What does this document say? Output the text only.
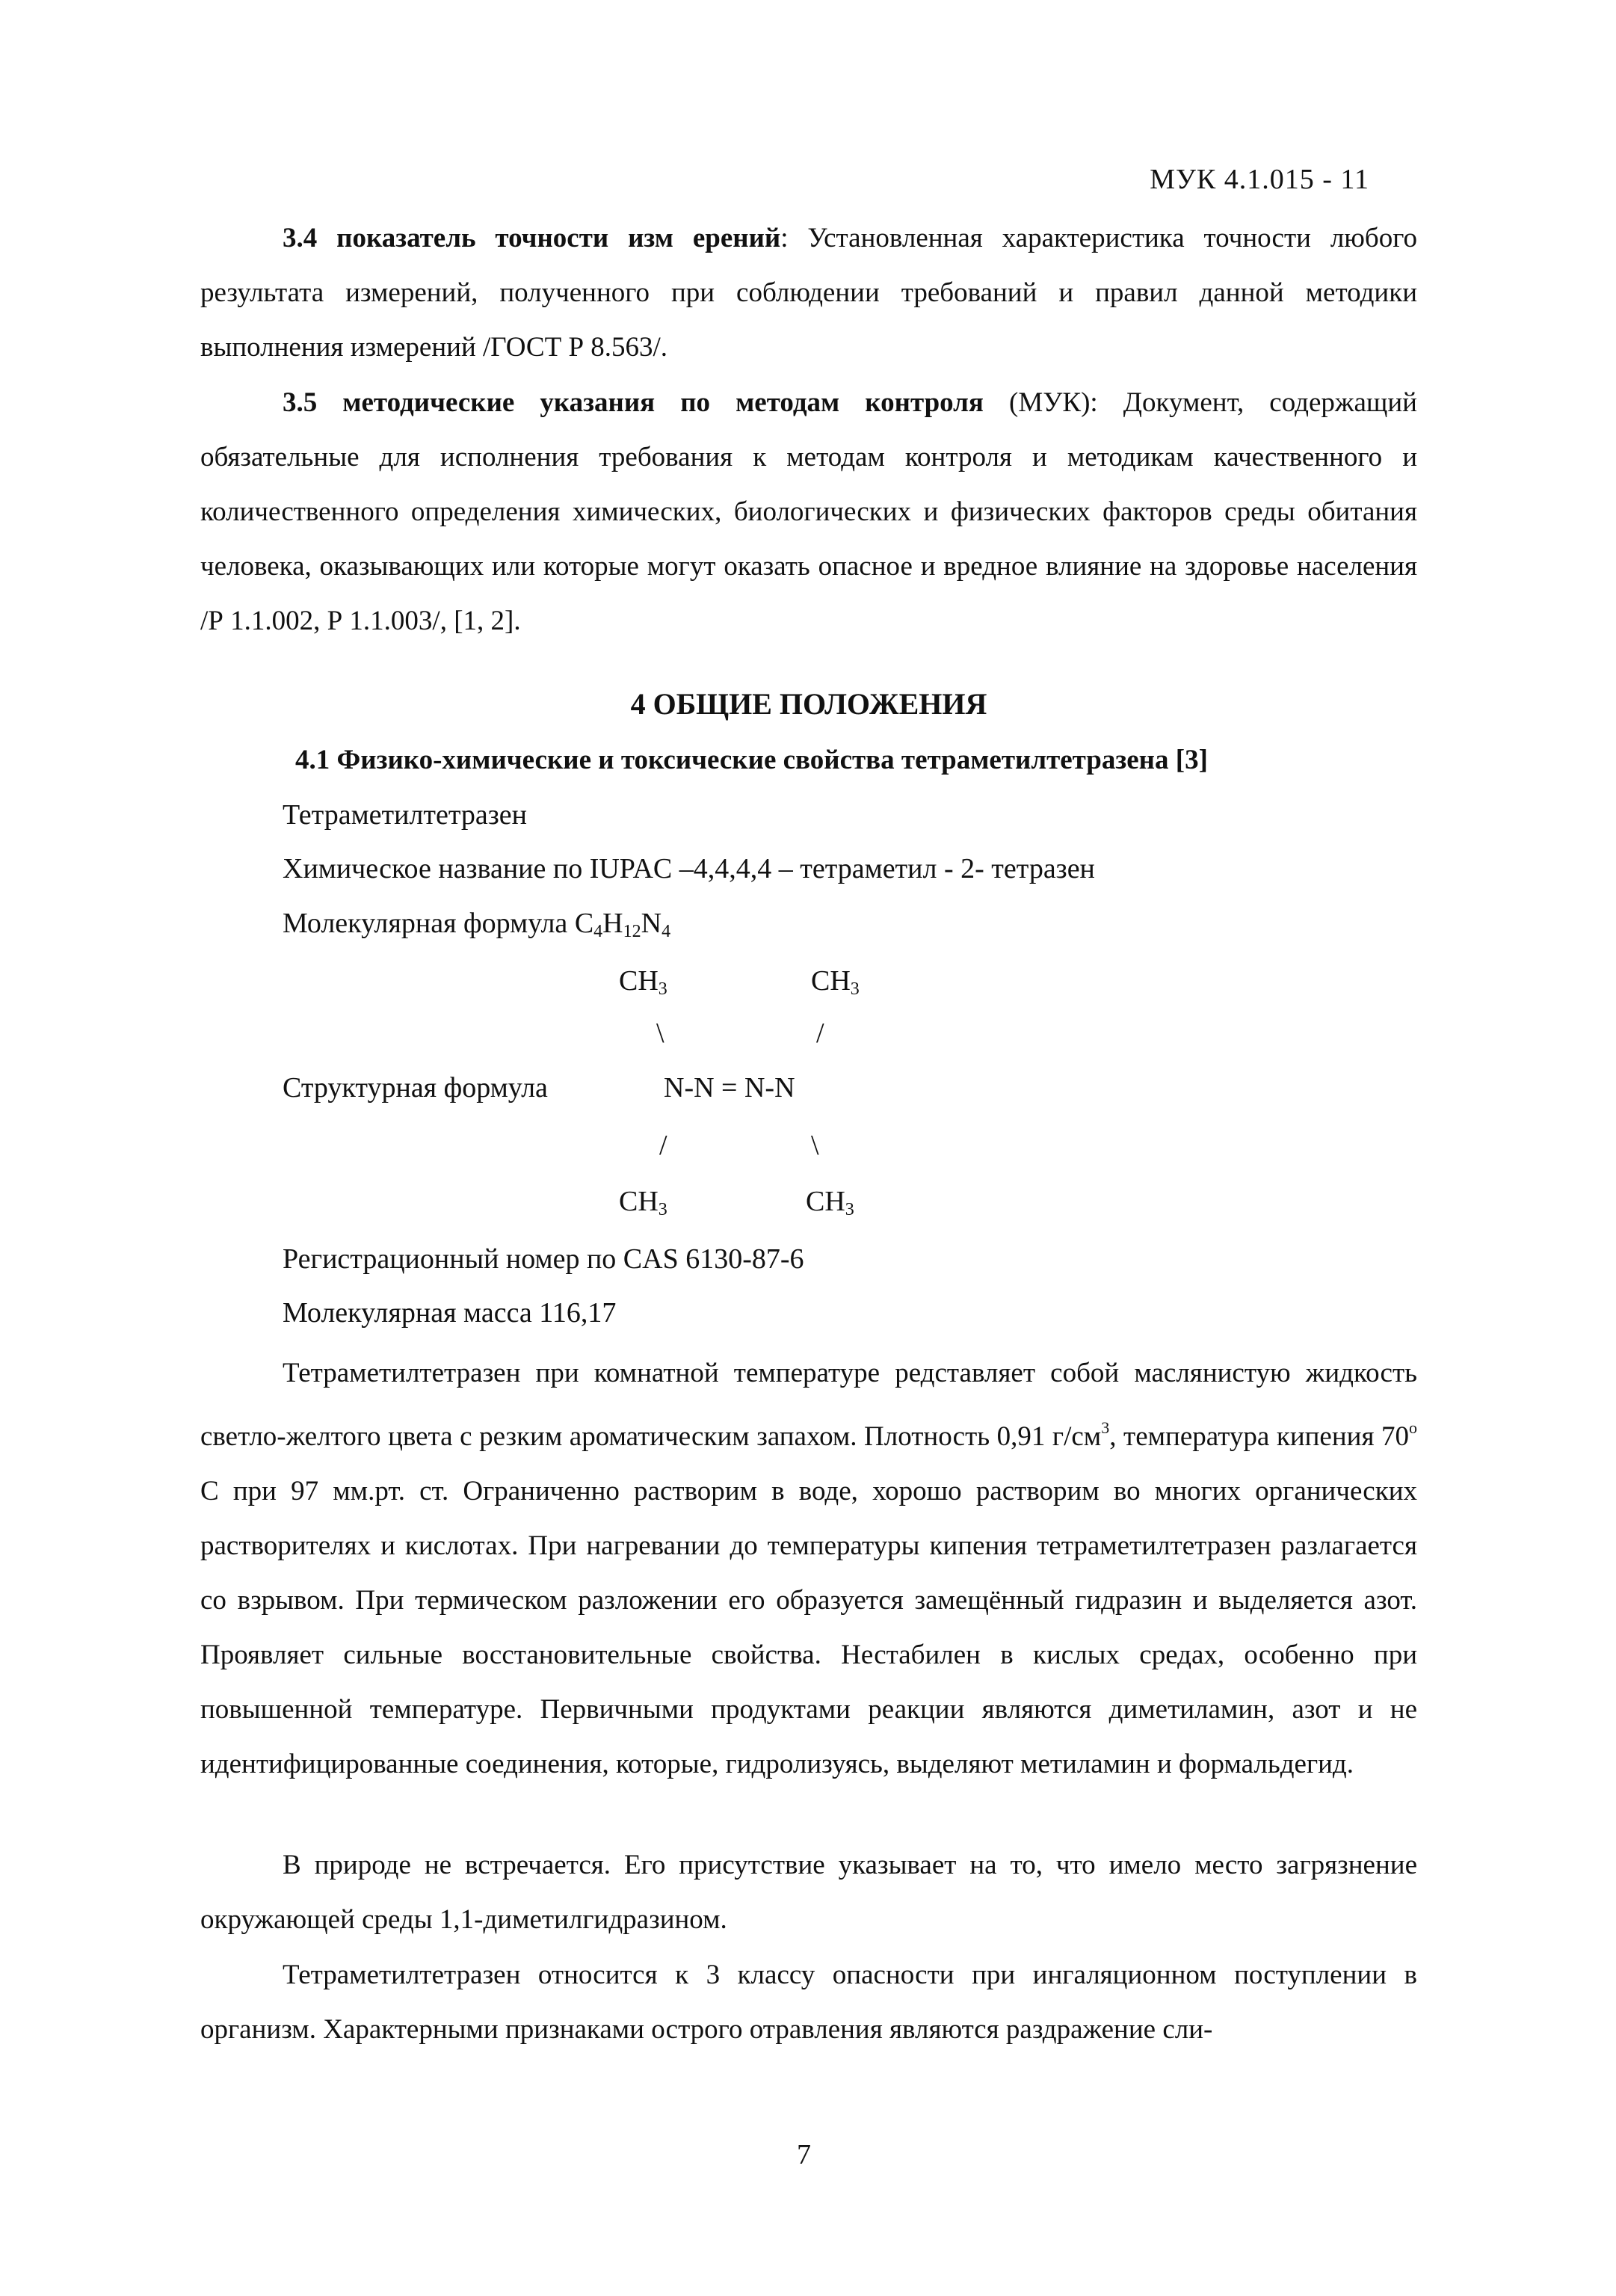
МУК 4.1.015 - 11
3.4 показатель точности изм ерений: Установленная характеристика точности любого результата измерений, полученного при соблюдении требований и правил данной методики выполнения измерений /ГОСТ Р 8.563/.
3.5 методические указания по методам контроля (МУК): Документ, содержащий обязательные для исполнения требования к методам контроля и методикам качественного и количественного определения химических, биологических и физических факторов среды обитания человека, оказывающих или которые могут оказать опасное и вредное влияние на здоровье населения /Р 1.1.002, Р 1.1.003/, [1, 2].
4 ОБЩИЕ ПОЛОЖЕНИЯ
4.1 Физико-химические и токсические свойства тетраметилтетразена [3]
Тетраметилтетразен
Химическое название по IUPAC –4,4,4,4 – тетраметил - 2- тетразен
Молекулярная формула $C_4H_{12}N_4$
$CH_3$	$CH_3$
\	/
Структурная формула	N-N = N-N
/	\
$CH_3$	$CH_3$
Регистрационный номер по CAS 6130-87-6
Молекулярная масса 116,17
Тетраметилтетразен при комнатной температуре редставляет собой маслянистую жидкость светло-желтого цвета с резким ароматическим запахом. Плотность 0,91 $г/см^3$, температура кипения 70$^o$ С при 97 мм.рт. ст. Ограниченно растворим в воде, хорошо растворим во многих органических растворителях и кислотах. При нагревании до температуры кипения тетраметилтетразен разлагается со взрывом. При термическом разложении его образуется замещённый гидразин и выделяется азот. Проявляет сильные восстановительные свойства. Нестабилен в кислых средах, особенно при повышенной температуре. Первичными продуктами реакции являются диметиламин, азот и не идентифицированные соединения, которые, гидролизуясь, выделяют метиламин и формальдегид.
В природе не встречается. Его присутствие указывает на то, что имело место загрязнение окружающей среды 1,1-диметилгидразином.
Тетраметилтетразен относится к 3 классу опасности при ингаляционном поступлении в организм. Характерными признаками острого отравления являются раздражение сли-
7
